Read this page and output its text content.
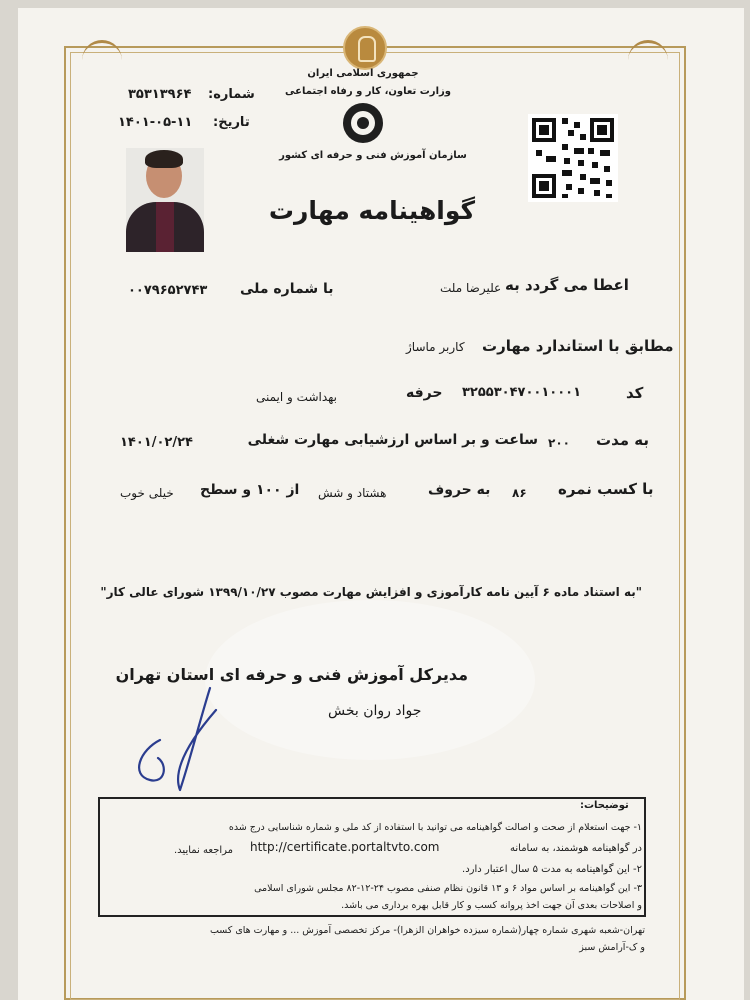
جمهوری اسلامی ایران
وزارت تعاون، کار و رفاه اجتماعی
سازمان آموزش فنی و حرفه ای کشور
شماره:
۳۵۳۱۳۹۶۴
تاریخ:
۱۴۰۱-۰۵-۱۱
گواهینامه مهارت
اعطا می گردد به
علیرضا ملت
با شماره ملی
۰۰۷۹۶۵۲۷۴۳
مطابق با استاندارد مهارت
کاربر ماساژ
کد
۳۲۵۵۳۰۴۷۰۰۱۰۰۰۱
حرفه
بهداشت و ایمنی
به مدت
۲۰۰
ساعت و بر اساس ارزشیابی مهارت شغلی
۱۴۰۱/۰۲/۲۴
با کسب نمره
۸۶
به حروف
هشتاد و شش
از ۱۰۰ و سطح
خیلی خوب
"به استناد ماده ۶ آیین نامه کارآموزی و افزایش مهارت مصوب ۱۳۹۹/۱۰/۲۷ شورای عالی کار"
مدیرکل آموزش فنی و حرفه ای استان تهران
جواد روان بخش
توضیحات:
۱- جهت استعلام از صحت و اصالت گواهینامه می توانید با استفاده از کد ملی و شماره شناسایی درج شده
در گواهینامه هوشمند، به سامانه
http://certificate.portaltvto.com
مراجعه نمایید.
۲- این گواهینامه به مدت ۵ سال اعتبار دارد.
۳- این گواهینامه بر اساس مواد ۶ و ۱۳ قانون نظام صنفی مصوب ۲۴-۱۲-۸۲ مجلس شورای اسلامی
و اصلاحات بعدی آن جهت اخذ پروانه کسب و کار قابل بهره برداری می باشد.
تهران-شعبه شهری شماره چهار(شماره سیزده خواهران الزهرا)- مرکز تخصصی آموزش ... و مهارت های کسب
و ک-آرامش سبز
